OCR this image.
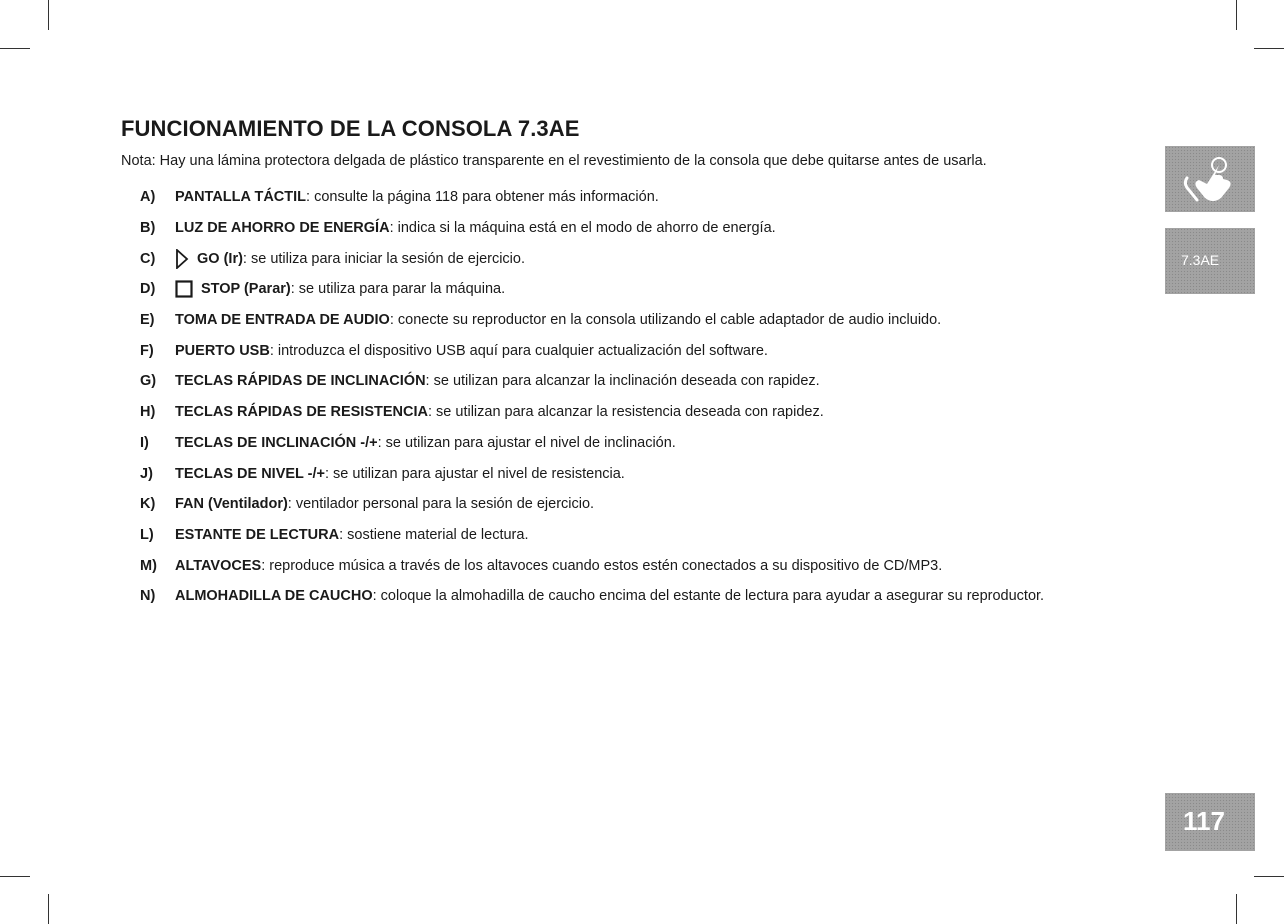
FUNCIONAMIENTO DE LA CONSOLA 7.3AE

Nota: Hay una lámina protectora delgada de plástico transparente en el revestimiento de la consola que debe quitarse antes de usarla.

A)	PANTALLA TÁCTIL : consulte la página 118 para obtener más información.
B)	LUZ DE AHORRO DE ENERGÍA : indica si la máquina está en el modo de ahorro de energía.
C)	GO (Ir) : se utiliza para iniciar la sesión de ejercicio.
D)	STOP (Parar) : se utiliza para parar la máquina.
E)	TOMA DE ENTRADA DE AUDIO : conecte su reproductor en la consola utilizando el cable adaptador de audio incluido.
F)	PUERTO USB : introduzca el dispositivo USB aquí para cualquier actualización del software.
G)	TECLAS RÁPIDAS DE INCLINACIÓN : se utilizan para alcanzar la inclinación deseada con rapidez.
H)	TECLAS RÁPIDAS DE RESISTENCIA : se utilizan para alcanzar la resistencia deseada con rapidez.
I)	TECLAS DE INCLINACIÓN -/+ : se utilizan para ajustar el nivel de inclinación.
J)	TECLAS DE NIVEL -/+ : se utilizan para ajustar el nivel de resistencia.
K)	FAN (Ventilador) : ventilador personal para la sesión de ejercicio.
L)	ESTANTE DE LECTURA : sostiene material de lectura.
M)	ALTAVOCES : reproduce música a través de los altavoces cuando estos estén conectados a su dispositivo de CD/MP3.
N)	ALMOHADILLA DE CAUCHO : coloque la almohadilla de caucho encima del estante de lectura para ayudar a asegurar su reproductor.
7.3AE
117
